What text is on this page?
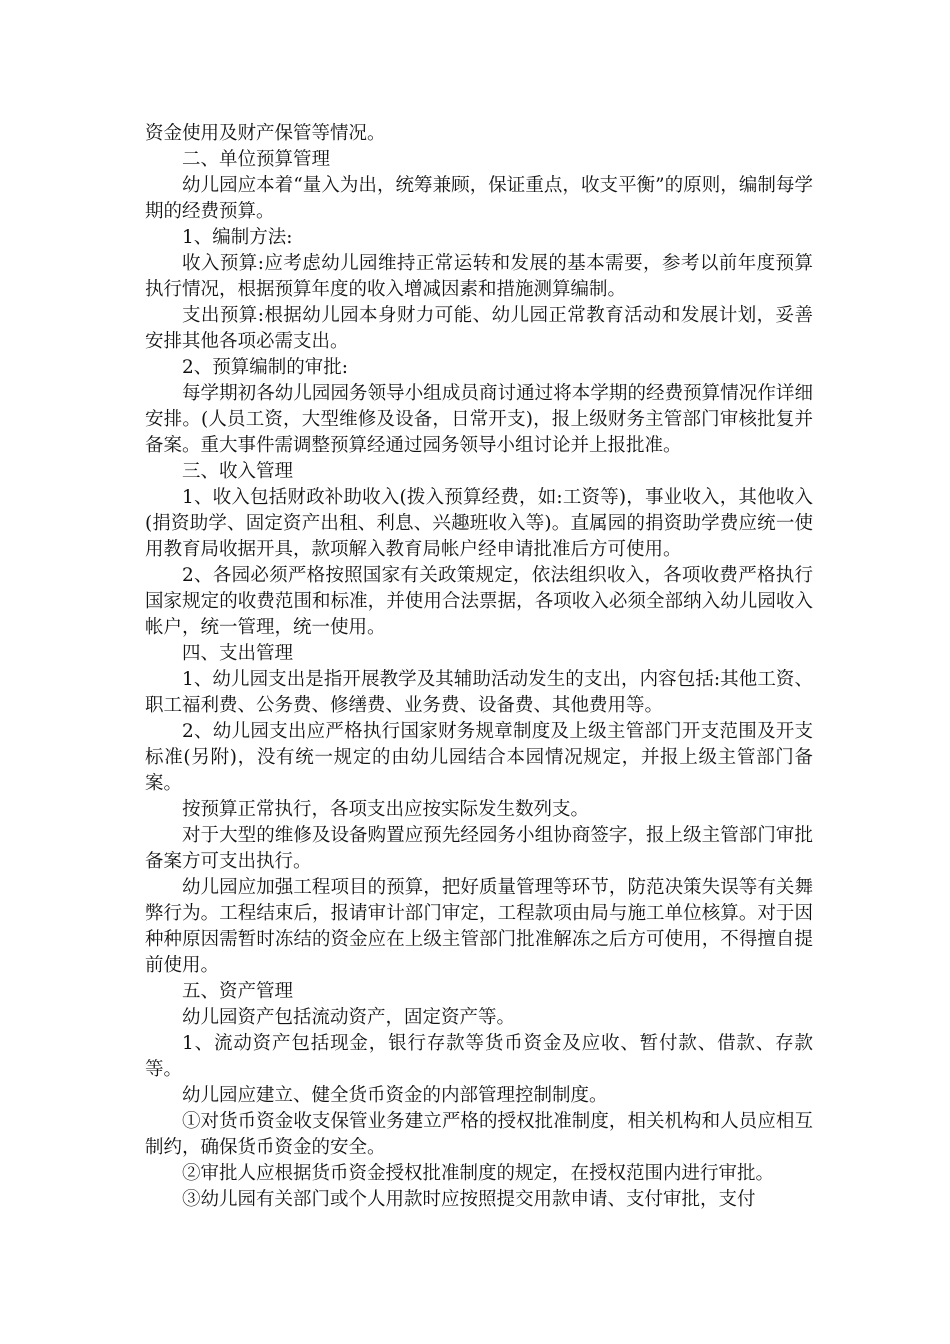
资金使用及财产保管等情况。

二、单位预算管理

幼儿园应本着“量入为出，统筹兼顾，保证重点，收支平衡”的原则，编制每学期的经费预算。

1、编制方法:

收入预算:应考虑幼儿园维持正常运转和发展的基本需要，参考以前年度预算执行情况，根据预算年度的收入增减因素和措施测算编制。

支出预算:根据幼儿园本身财力可能、幼儿园正常教育活动和发展计划，妥善安排其他各项必需支出。

2、预算编制的审批:

每学期初各幼儿园园务领导小组成员商讨通过将本学期的经费预算情况作详细安排。(人员工资，大型维修及设备，日常开支)，报上级财务主管部门审核批复并备案。重大事件需调整预算经通过园务领导小组讨论并上报批准。

三、收入管理

1、收入包括财政补助收入(拨入预算经费，如:工资等)，事业收入，其他收入(捐资助学、固定资产出租、利息、兴趣班收入等)。直属园的捐资助学费应统一使用教育局收据开具，款项解入教育局帐户经申请批准后方可使用。

2、各园必须严格按照国家有关政策规定，依法组织收入，各项收费严格执行国家规定的收费范围和标准，并使用合法票据，各项收入必须全部纳入幼儿园收入帐户，统一管理，统一使用。

四、支出管理

1、幼儿园支出是指开展教学及其辅助活动发生的支出，内容包括:其他工资、职工福利费、公务费、修缮费、业务费、设备费、其他费用等。

2、幼儿园支出应严格执行国家财务规章制度及上级主管部门开支范围及开支标准(另附)，没有统一规定的由幼儿园结合本园情况规定，并报上级主管部门备案。

按预算正常执行，各项支出应按实际发生数列支。

对于大型的维修及设备购置应预先经园务小组协商签字，报上级主管部门审批备案方可支出执行。

幼儿园应加强工程项目的预算，把好质量管理等环节，防范决策失误等有关舞弊行为。工程结束后，报请审计部门审定，工程款项由局与施工单位核算。对于因种种原因需暂时冻结的资金应在上级主管部门批准解冻之后方可使用，不得擅自提前使用。

五、资产管理

幼儿园资产包括流动资产，固定资产等。

1、流动资产包括现金，银行存款等货币资金及应收、暂付款、借款、存款等。

幼儿园应建立、健全货币资金的内部管理控制制度。

①对货币资金收支保管业务建立严格的授权批准制度，相关机构和人员应相互制约，确保货币资金的安全。

②审批人应根据货币资金授权批准制度的规定，在授权范围内进行审批。

③幼儿园有关部门或个人用款时应按照提交用款申请、支付审批，支付
